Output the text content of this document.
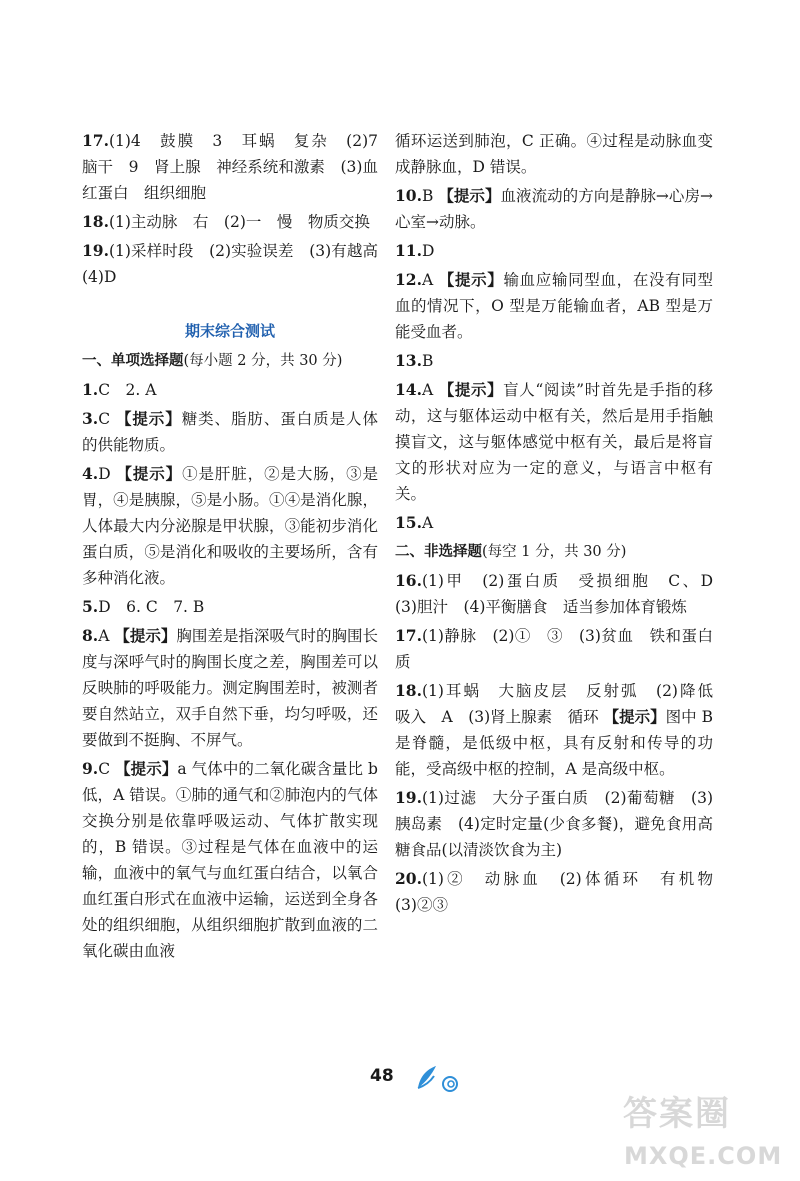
17.(1)4　鼓膜　3　耳蜗　复杂　(2)7　脑干　9　肾上腺　神经系统和激素　(3)血红蛋白　组织细胞

18.(1)主动脉　右　(2)一　慢　物质交换

19.(1)采样时段　(2)实验误差　(3)有越高　(4)D

期末综合测试
一、单项选择题(每小题 2 分，共 30 分)

1.C　2. A

3.C 【提示】糖类、脂肪、蛋白质是人体的供能物质。

4.D 【提示】①是肝脏，②是大肠，③是胃，④是胰腺，⑤是小肠。①④是消化腺，人体最大内分泌腺是甲状腺，③能初步消化蛋白质，⑤是消化和吸收的主要场所，含有多种消化液。

5.D　6. C　7. B

8.A 【提示】胸围差是指深吸气时的胸围长度与深呼气时的胸围长度之差，胸围差可以反映肺的呼吸能力。测定胸围差时，被测者要自然站立，双手自然下垂，均匀呼吸，还要做到不挺胸、不屏气。

9.C 【提示】a 气体中的二氧化碳含量比 b 低，A 错误。①肺的通气和②肺泡内的气体交换分别是依靠呼吸运动、气体扩散实现的，B 错误。③过程是气体在血液中的运输，血液中的氧气与血红蛋白结合，以氧合血红蛋白形式在血液中运输，运送到全身各处的组织细胞，从组织细胞扩散到血液的二氧化碳由血液

循环运送到肺泡，C 正确。④过程是动脉血变成静脉血，D 错误。

10.B 【提示】血液流动的方向是静脉→心房→心室→动脉。

11.D

12.A 【提示】输血应输同型血，在没有同型血的情况下，O 型是万能输血者，AB 型是万能受血者。

13.B

14.A 【提示】盲人“阅读”时首先是手指的移动，这与躯体运动中枢有关，然后是用手指触摸盲文，这与躯体感觉中枢有关，最后是将盲文的形状对应为一定的意义，与语言中枢有关。

15.A

二、非选择题(每空 1 分，共 30 分)

16.(1)甲　(2)蛋白质　受损细胞　C、D　(3)胆汁　(4)平衡膳食　适当参加体育锻炼

17.(1)静脉　(2)①　③　(3)贫血　铁和蛋白质

18.(1)耳蜗　大脑皮层　反射弧　(2)降低　吸入　A　(3)肾上腺素　循环 【提示】图中 B 是脊髓，是低级中枢，具有反射和传导的功能，受高级中枢的控制，A 是高级中枢。

19.(1)过滤　大分子蛋白质　(2)葡萄糖　(3)胰岛素　(4)定时定量(少食多餐)，避免食用高糖食品(以清淡饮食为主)

20.(1)②　动脉血　(2)体循环　有机物　(3)②③

48
答案圈
MXQE.COM
